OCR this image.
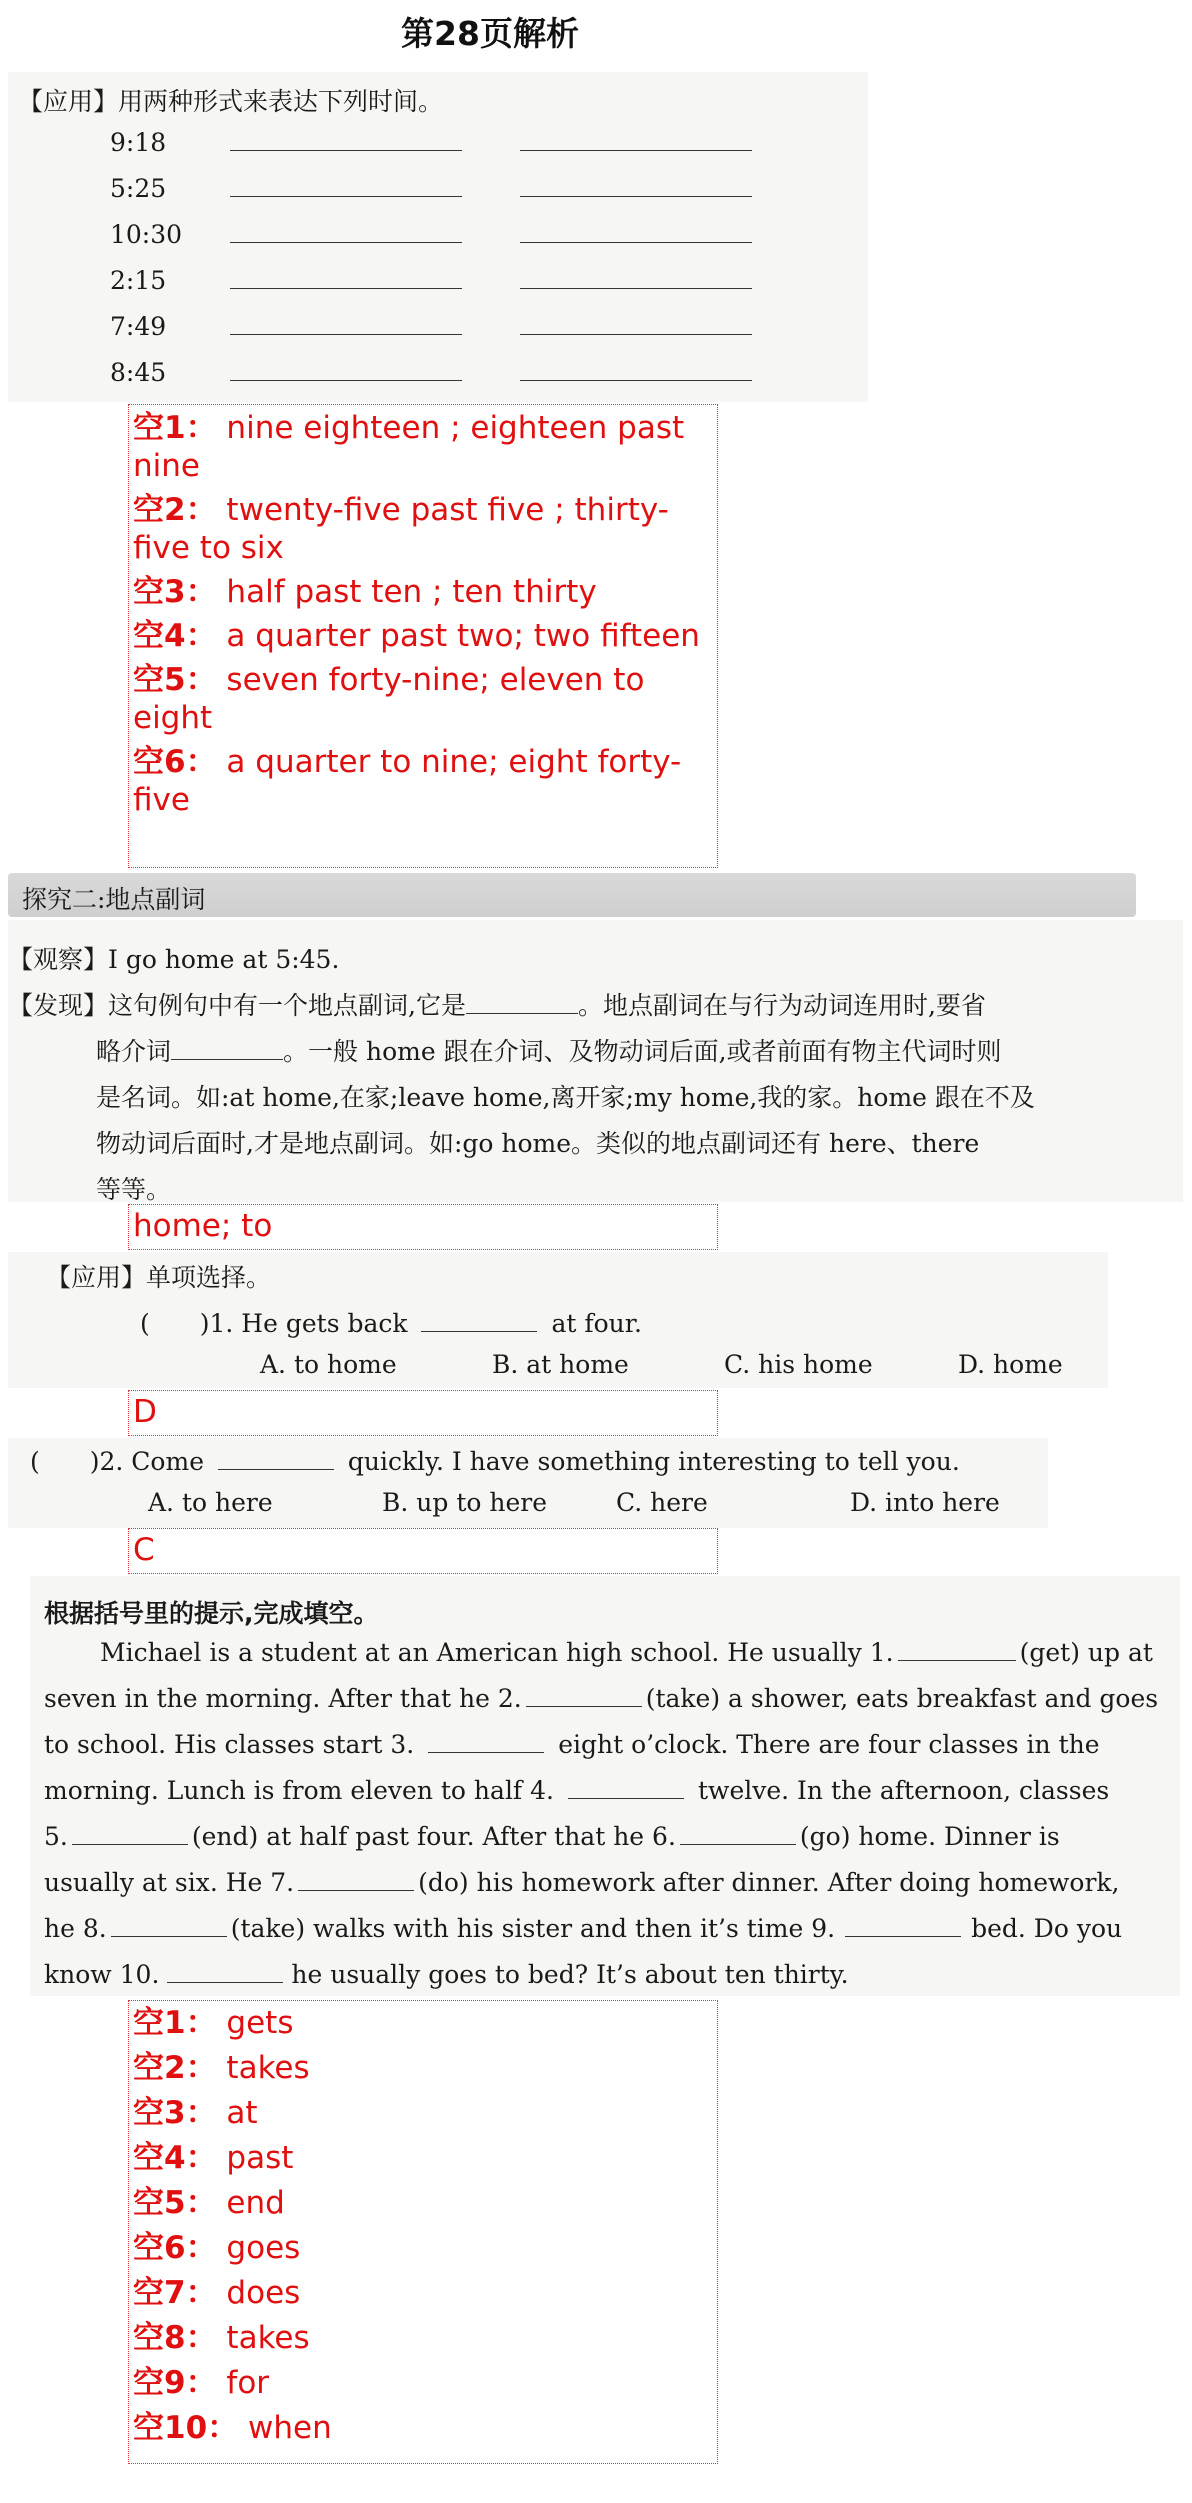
第28页解析
【应用】用两种形式来表达下列时间。
9:18
5:25
10:30
2:15
7:49
8:45

空1： nine eighteen ; eighteen past nine

空2： twenty-five past five ; thirty-five to six

空3： half past ten ; ten thirty

空4： a quarter past two; two fifteen

空5： seven forty-nine; eleven to eight

空6： a quarter to nine; eight forty-five

探究二:地点副词
【观察】I go home at 5:45.
【发现】这句例句中有一个地点副词,它是	。地点副词在与行为动词连用时,要省
略介词	。一般 home 跟在介词、及物动词后面,或者前面有物主代词时则
是名词。如:at home,在家;leave home,离开家;my home,我的家。home 跟在不及
物动词后面时,才是地点副词。如:go home。类似的地点副词还有 here、there
等等。
home; to
【应用】单项选择。
(　　)1. He gets back	at four.
A. to home	B. at home	C. his home	D. home
D
(　　)2. Come	quickly. I have something interesting to tell you.
A. to here	B. up to here	C. here	D. into here
C
根据括号里的提示,完成填空。
Michael is a student at an American high school. He usually 1.	(get) up at
seven in the morning. After that he 2.	(take) a shower, eats breakfast and goes
to school. His classes start 3.	eight o’clock. There are four classes in the
morning. Lunch is from eleven to half 4.	twelve. In the afternoon, classes
5.	(end) at half past four. After that he 6.	(go) home. Dinner is
usually at six. He 7.	(do) his homework after dinner. After doing homework,
he 8.	(take) walks with his sister and then it’s time 9.	bed. Do you
know 10.	he usually goes to bed? It’s about ten thirty.
空1： gets
空2： takes
空3： at
空4： past
空5： end
空6： goes
空7： does
空8： takes
空9： for
空10： when
